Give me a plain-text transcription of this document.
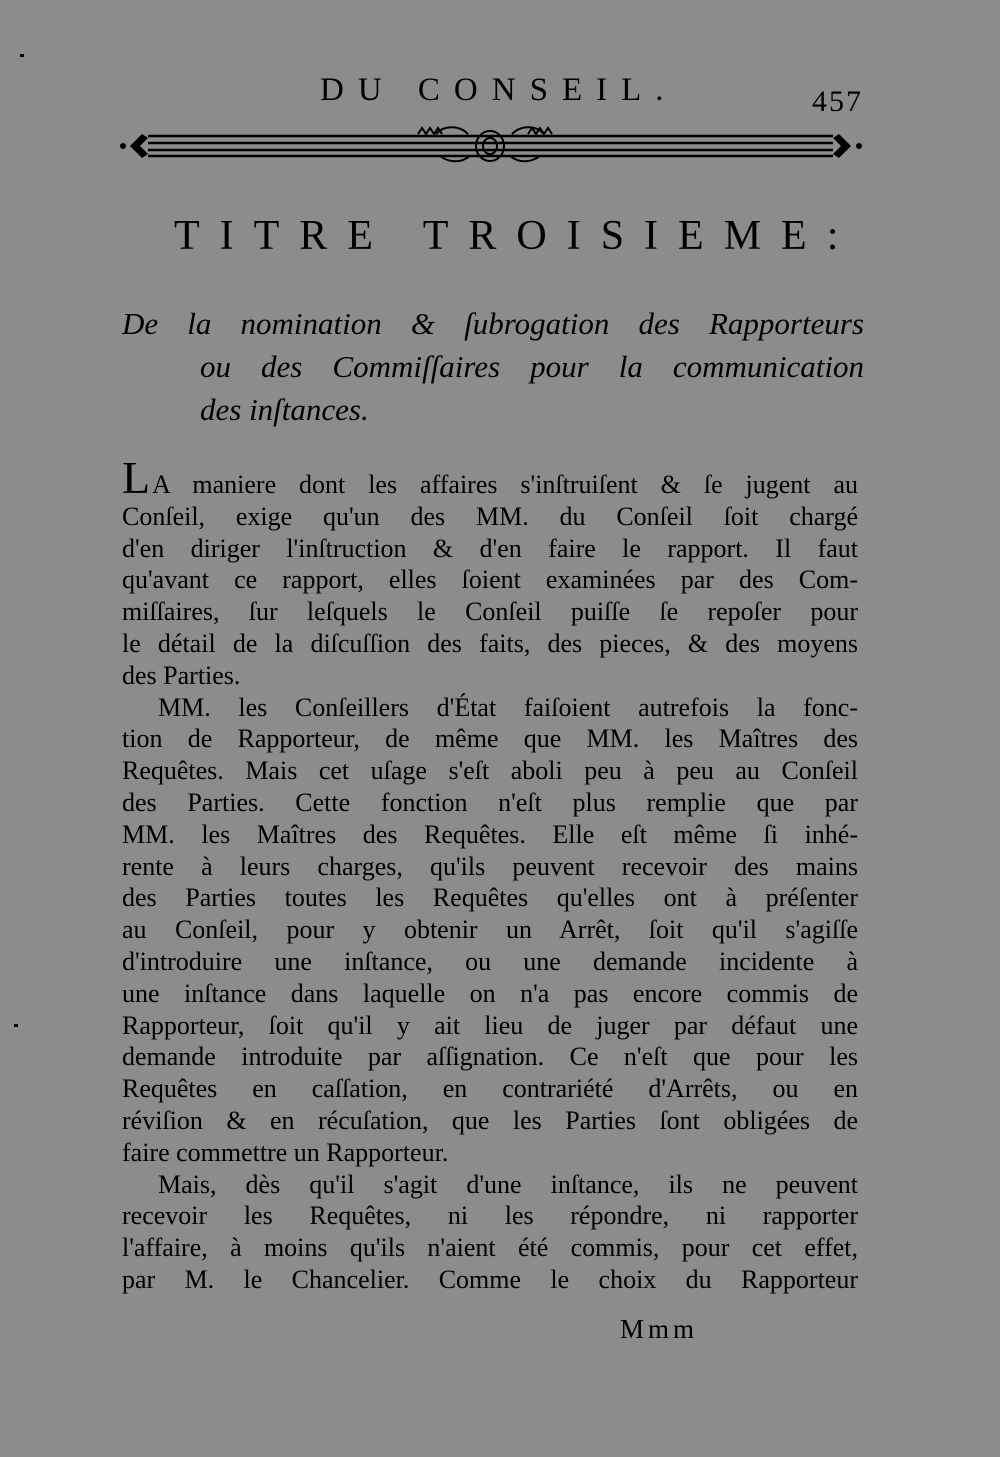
DU CONSEIL.	457
TITRE TROISIEME:
De la nomination & ſubrogation des Rapporteurs
ou des Commiſſaires pour la communication
des inſtances.
LA maniere dont les affaires s'inſtruiſent & ſe jugent au
Conſeil, exige qu'un des MM. du Conſeil ſoit chargé
d'en diriger l'inſtruction & d'en faire le rapport. Il faut
qu'avant ce rapport, elles ſoient examinées par des Com-
miſſaires, ſur leſquels le Conſeil puiſſe ſe repoſer pour
le détail de la diſcuſſion des faits, des pieces, & des moyens
des Parties.
MM. les Conſeillers d'État faiſoient autrefois la fonc-
tion de Rapporteur, de même que MM. les Maîtres des
Requêtes. Mais cet uſage s'eſt aboli peu à peu au Conſeil
des Parties. Cette fonction n'eſt plus remplie que par
MM. les Maîtres des Requêtes. Elle eſt même ſi inhé-
rente à leurs charges, qu'ils peuvent recevoir des mains
des Parties toutes les Requêtes qu'elles ont à préſenter
au Conſeil, pour y obtenir un Arrêt, ſoit qu'il s'agiſſe
d'introduire une inſtance, ou une demande incidente à
une inſtance dans laquelle on n'a pas encore commis de
Rapporteur, ſoit qu'il y ait lieu de juger par défaut une
demande introduite par aſſignation. Ce n'eſt que pour les
Requêtes en caſſation, en contrariété d'Arrêts, ou en
réviſion & en récuſation, que les Parties ſont obligées de
faire commettre un Rapporteur.
Mais, dès qu'il s'agit d'une inſtance, ils ne peuvent
recevoir les Requêtes, ni les répondre, ni rapporter
l'affaire, à moins qu'ils n'aient été commis, pour cet effet,
par M. le Chancelier. Comme le choix du Rapporteur
Mmm
